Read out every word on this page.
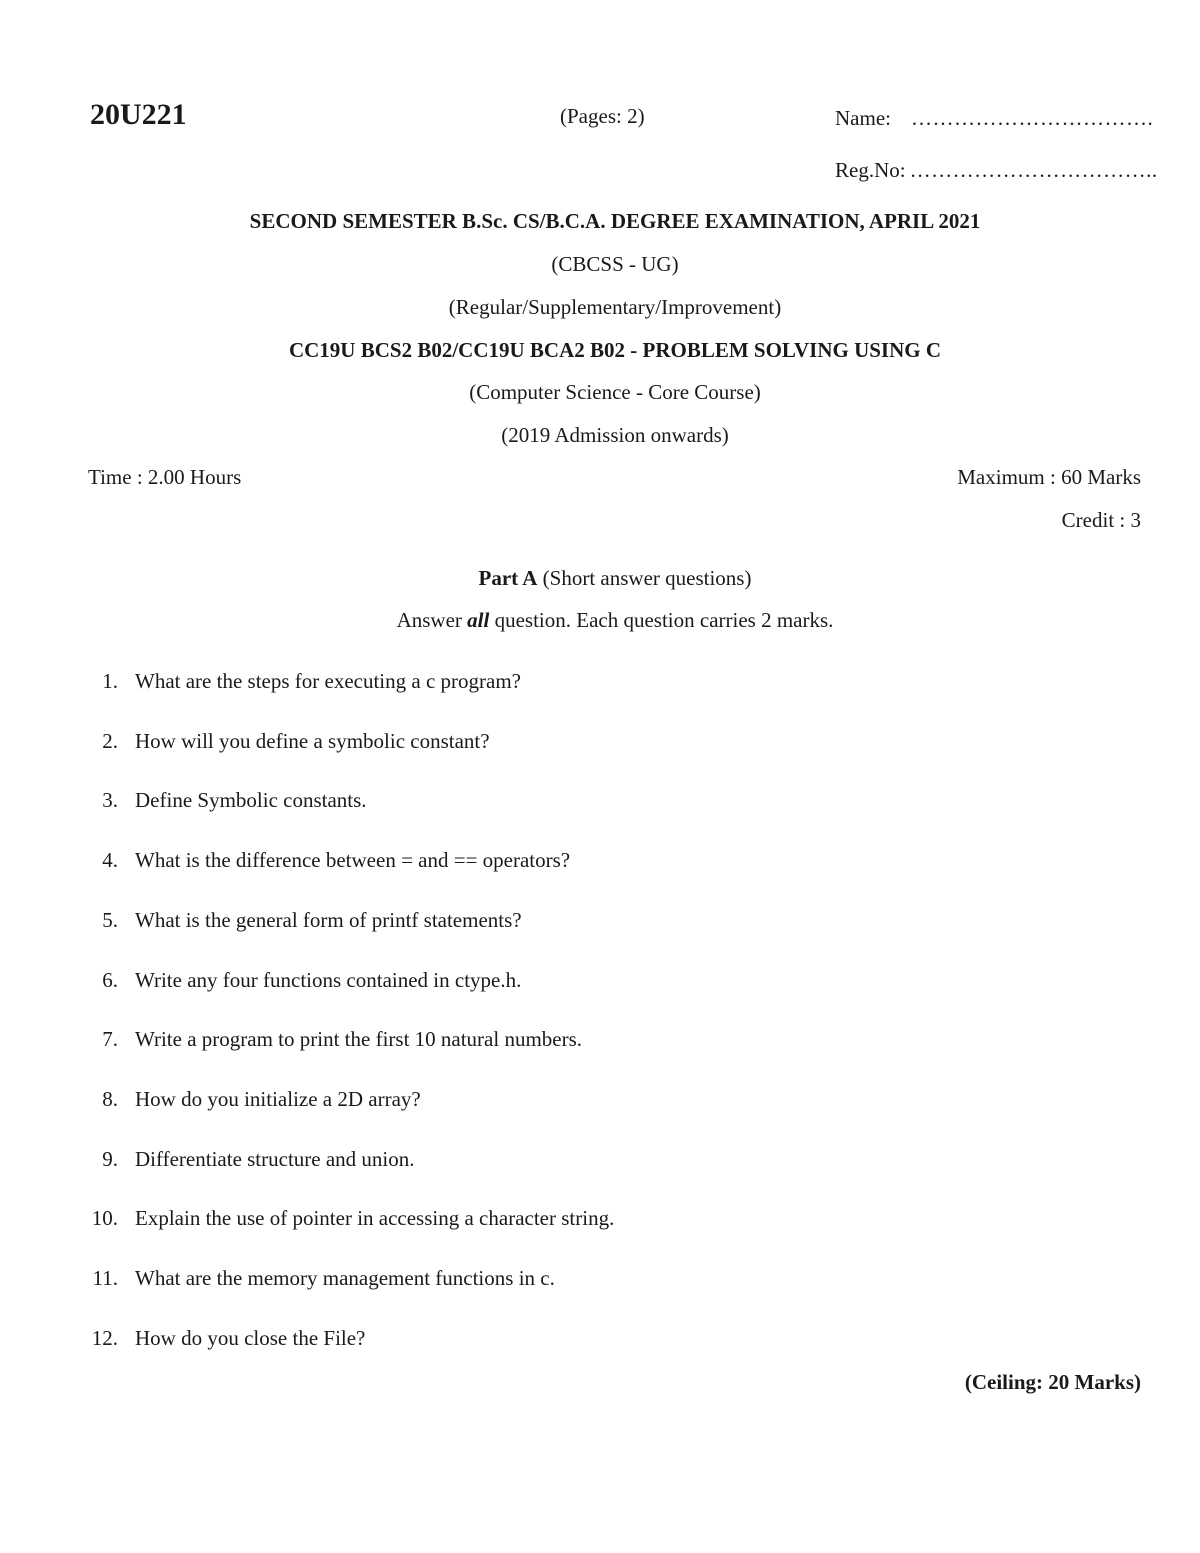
20U221	(Pages: 2)	Name: …………………………….
Reg.No: ……………………………..
SECOND SEMESTER B.Sc. CS/B.C.A. DEGREE EXAMINATION, APRIL 2021
(CBCSS - UG)
(Regular/Supplementary/Improvement)
CC19U BCS2 B02/CC19U BCA2 B02 - PROBLEM SOLVING USING C
(Computer Science - Core Course)
(2019 Admission onwards)
Time : 2.00 Hours	Maximum : 60 Marks
Credit : 3
Part A (Short answer questions)
Answer all question. Each question carries 2 marks.
1. What are the steps for executing a c program?
2. How will you define a symbolic constant?
3. Define Symbolic constants.
4. What is the difference between = and == operators?
5. What is the general form of printf statements?
6. Write any four functions contained in ctype.h.
7. Write a program to print the first 10 natural numbers.
8. How do you initialize a 2D array?
9. Differentiate structure and union.
10. Explain the use of pointer in accessing a character string.
11. What are the memory management functions in c.
12. How do you close the File?
(Ceiling: 20 Marks)
